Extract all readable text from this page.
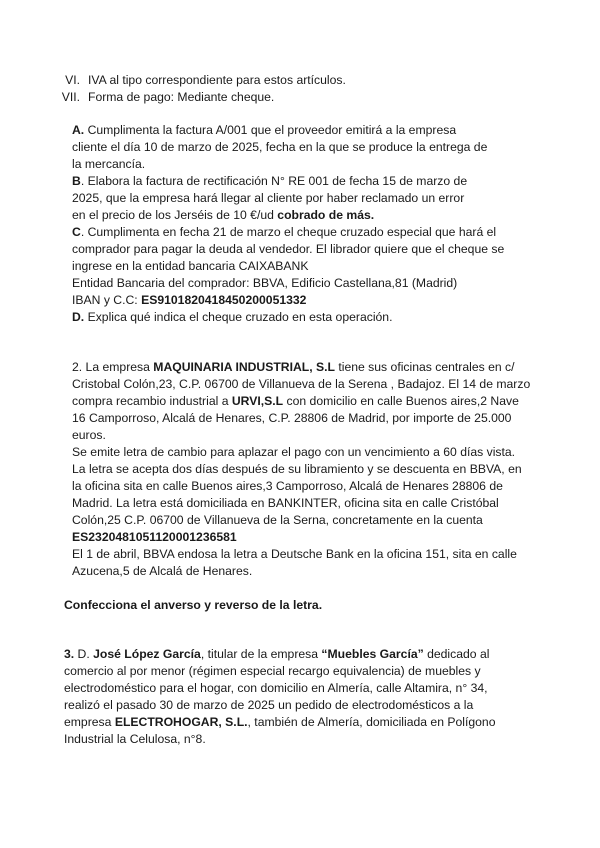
VI. IVA al tipo correspondiente para estos artículos.
VII. Forma de pago: Mediante cheque.
A. Cumplimenta la factura A/001 que el proveedor emitirá a la empresa
cliente el día 10 de marzo de 2025, fecha en la que se produce la entrega de
la mercancía.
B. Elabora la factura de rectificación N° RE 001 de fecha 15 de marzo de
2025, que la empresa hará llegar al cliente por haber reclamado un error
en el precio de los Jerséis de 10 €/ud cobrado de más.
C. Cumplimenta en fecha 21 de marzo el cheque cruzado especial que hará el
comprador para pagar la deuda al vendedor. El librador quiere que el cheque se
ingrese en la entidad bancaria CAIXABANK
Entidad Bancaria del comprador: BBVA, Edificio Castellana,81 (Madrid)
IBAN y C.C: ES9101820418450200051332
D. Explica qué indica el cheque cruzado en esta operación.
2. La empresa MAQUINARIA INDUSTRIAL, S.L tiene sus oficinas centrales en c/
Cristobal Colón,23, C.P. 06700 de Villanueva de la Serena , Badajoz. El 14 de marzo
compra recambio industrial a URVI,S.L con domicilio en calle Buenos aires,2 Nave
16 Camporroso, Alcalá de Henares, C.P. 28806 de Madrid, por importe de 25.000
euros.
Se emite letra de cambio para aplazar el pago con un vencimiento a 60 días vista.
La letra se acepta dos días después de su libramiento y se descuenta en BBVA, en
la oficina sita en calle Buenos aires,3 Camporroso, Alcalá de Henares 28806 de
Madrid. La letra está domiciliada en BANKINTER, oficina sita en calle Cristóbal
Colón,25 C.P. 06700 de Villanueva de la Serna, concretamente en la cuenta
ES2320481051120001236581
El 1 de abril, BBVA endosa la letra a Deutsche Bank en la oficina 151, sita en calle
Azucena,5 de Alcalá de Henares.
Confecciona el anverso y reverso de la letra.
3. D. José López García, titular de la empresa “Muebles García” dedicado al
comercio al por menor (régimen especial recargo equivalencia) de muebles y
electrodoméstico para el hogar, con domicilio en Almería, calle Altamira, n° 34,
realizó el pasado 30 de marzo de 2025 un pedido de electrodomésticos a la
empresa ELECTROHOGAR, S.L., también de Almería, domiciliada en Polígono
Industrial la Celulosa, n°8.
